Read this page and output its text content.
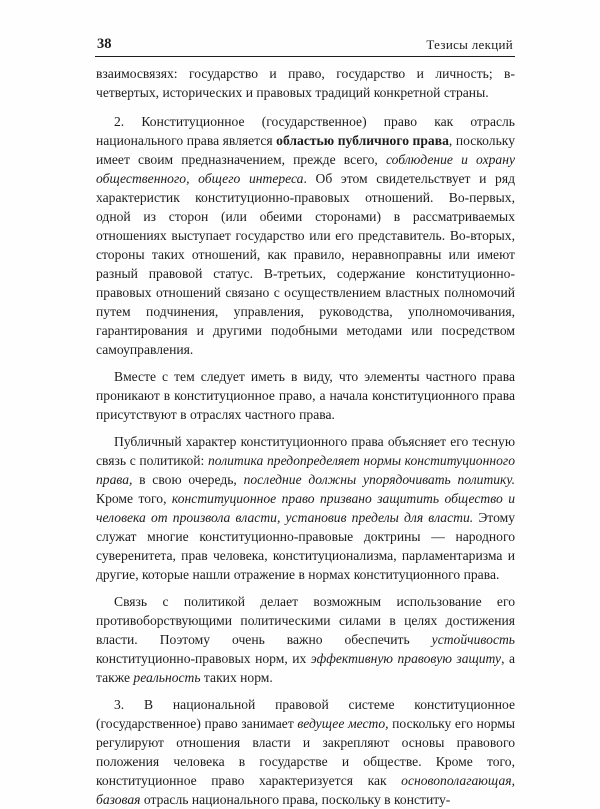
38	Тезисы лекций

взаимосвязях: государство и право, государство и личность; в-четвертых, исторических и правовых традиций конкретной страны.

2. Конституционное (государственное) право как отрасль национального права является областью публичного права, поскольку имеет своим предназначением, прежде всего, соблюдение и охрану общественного, общего интереса. Об этом свидетельствует и ряд характеристик конституционно-правовых отношений. Во-первых, одной из сторон (или обеими сторонами) в рассматриваемых отношениях выступает государство или его представитель. Во-вторых, стороны таких отношений, как правило, неравноправны или имеют разный правовой статус. В-третьих, содержание конституционно-правовых отношений связано с осуществлением властных полномочий путем подчинения, управления, руководства, уполномочивания, гарантирования и другими подобными методами или посредством самоуправления.

Вместе с тем следует иметь в виду, что элементы частного права проникают в конституционное право, а начала конституционного права присутствуют в отраслях частного права.

Публичный характер конституционного права объясняет его тесную связь с политикой: политика предопределяет нормы конституционного права, в свою очередь, последние должны упорядочивать политику. Кроме того, конституционное право призвано защитить общество и человека от произвола власти, установив пределы для власти. Этому служат многие конституционно-правовые доктрины — народного суверенитета, прав человека, конституционализма, парламентаризма и другие, которые нашли отражение в нормах конституционного права.

Связь с политикой делает возможным использование его противоборствующими политическими силами в целях достижения власти. Поэтому очень важно обеспечить устойчивость конституционно-правовых норм, их эффективную правовую защиту, а также реальность таких норм.

3. В национальной правовой системе конституционное (государственное) право занимает ведущее место, поскольку его нормы регулируют отношения власти и закрепляют основы правового положения человека в государстве и обществе. Кроме того, конституционное право характеризуется как основополагающая, базовая отрасль национального права, поскольку в конститу-
